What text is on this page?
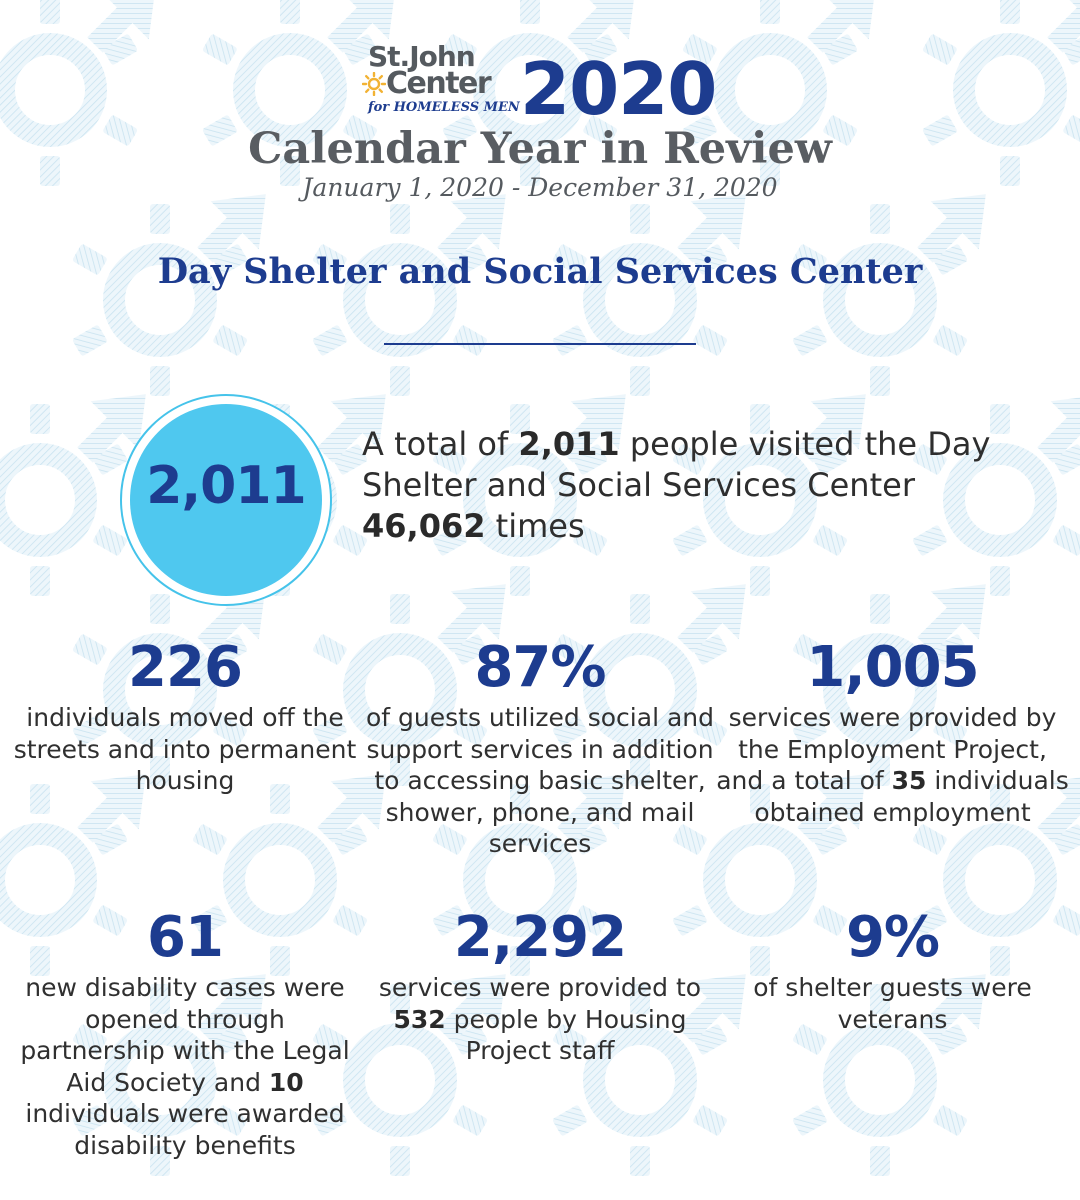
St.John
Center
for HOMELESS MEN 2020
Calendar Year in Review
January 1, 2020 - December 31, 2020
Day Shelter and Social Services Center
2,011
A total of 2,011 people visited the Day Shelter and Social Services Center 46,062 times
226
individuals moved off the streets and into permanent housing
87%
of guests utilized social and support services in addition to accessing basic shelter, shower, phone, and mail services
1,005
services were provided by the Employment Project, and a total of 35 individuals obtained employment
61
new disability cases were opened through partnership with the Legal Aid Society and 10 individuals were awarded disability benefits
2,292
services were provided to 532 people by Housing Project staff
9%
of shelter guests were veterans
